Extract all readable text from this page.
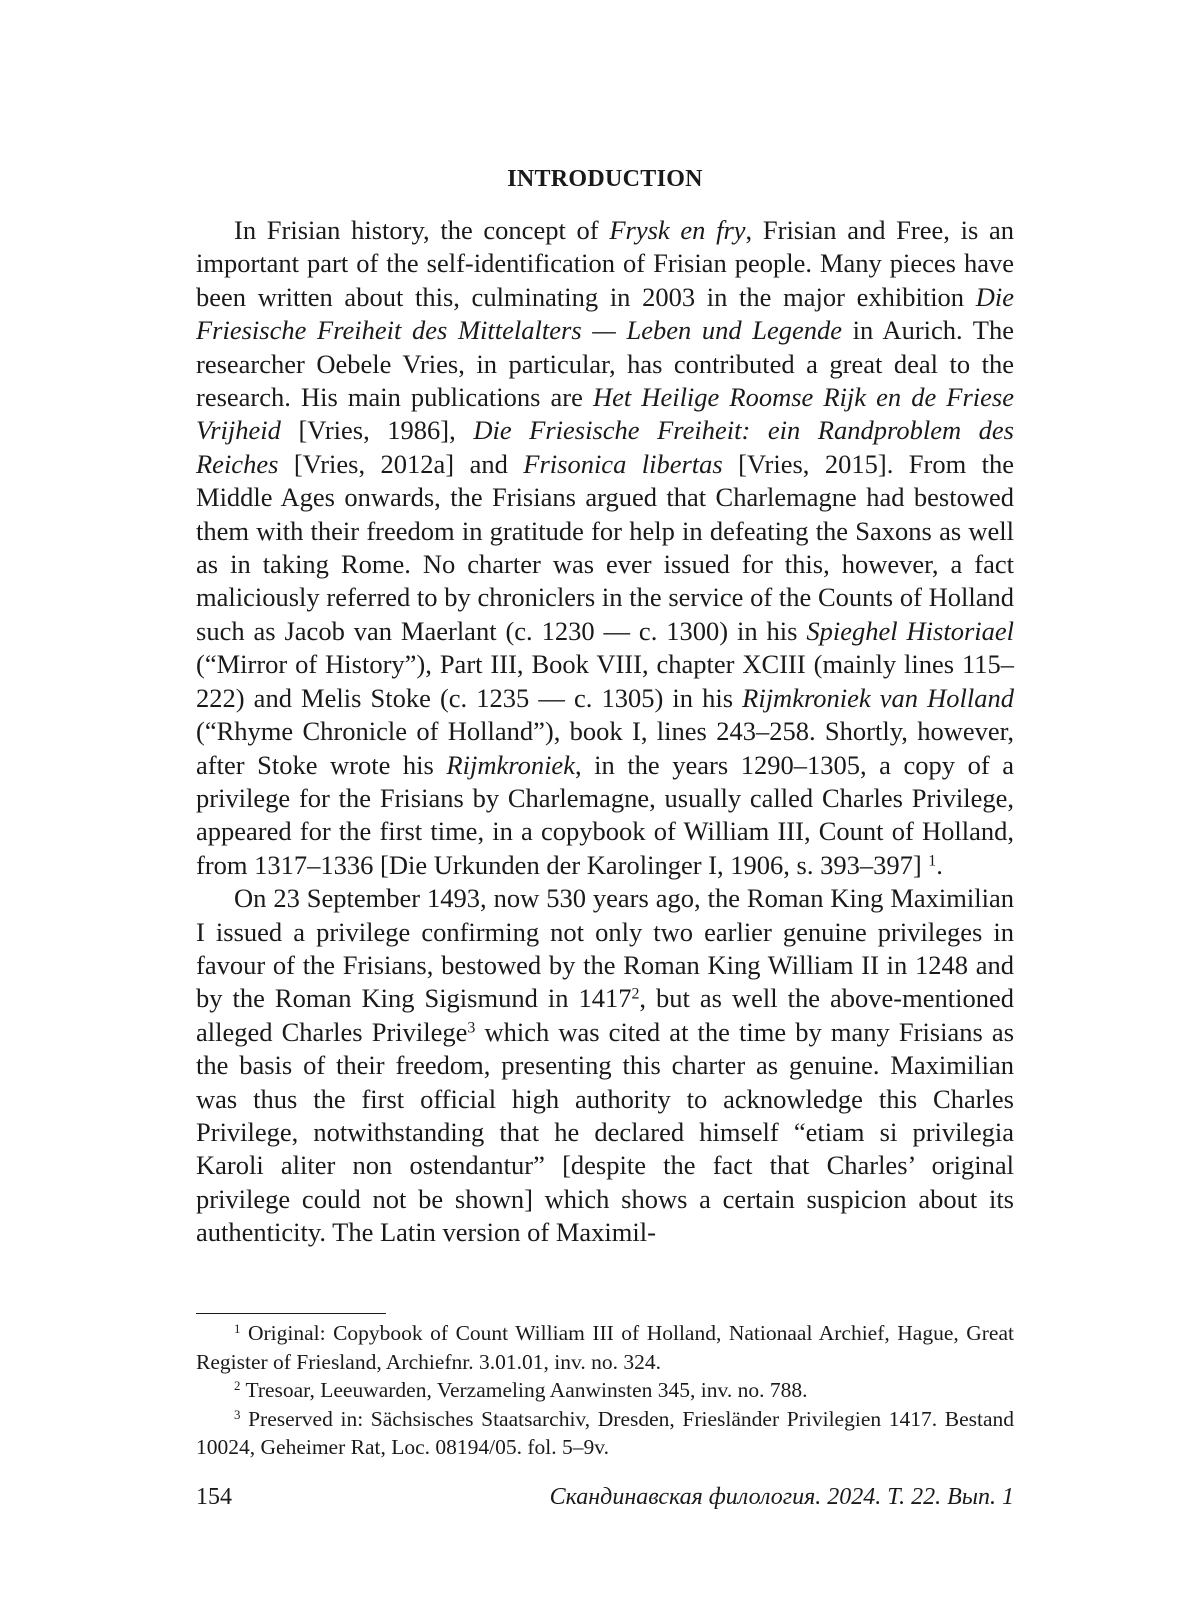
INTRODUCTION

In Frisian history, the concept of Frysk en fry, Frisian and Free, is an important part of the self-identification of Frisian people. Many pieces have been written about this, culminating in 2003 in the major exhibition Die Friesische Freiheit des Mittelalters — Leben und Legende in Aurich. The researcher Oebele Vries, in particular, has contributed a great deal to the research. His main publications are Het Heilige Roomse Rijk en de Friese Vrijheid [Vries, 1986], Die Friesische Freiheit: ein Randproblem des Reiches [Vries, 2012a] and Frisonica libertas [Vries, 2015]. From the Middle Ages onwards, the Frisians argued that Charlemagne had bestowed them with their freedom in gratitude for help in defeating the Saxons as well as in taking Rome. No charter was ever issued for this, however, a fact maliciously referred to by chroniclers in the service of the Counts of Holland such as Jacob van Maerlant (c. 1230 — c. 1300) in his Spieghel Historiael (“Mirror of History”), Part III, Book VIII, chapter XCIII (mainly lines 115–222) and Melis Stoke (c. 1235 — c. 1305) in his Rijmkroniek van Holland (“Rhyme Chronicle of Holland”), book I, lines 243–258. Shortly, however, after Stoke wrote his Rijmkroniek, in the years 1290–1305, a copy of a privilege for the Frisians by Charlemagne, usually called Charles Privilege, appeared for the first time, in a copybook of William III, Count of Holland, from 1317–1336 [Die Urkunden der Karolinger I, 1906, s. 393–397] $^1$.

On 23 September 1493, now 530 years ago, the Roman King Maximilian I issued a privilege confirming not only two earlier genuine privileges in favour of the Frisians, bestowed by the Roman King William II in 1248 and by the Roman King Sigismund in 1417$^2$, but as well the above-mentioned alleged Charles Privilege$^3$ which was cited at the time by many Frisians as the basis of their freedom, presenting this charter as genuine. Maximilian was thus the first official high authority to acknowledge this Charles Privilege, notwithstanding that he declared himself “etiam si privilegia Karoli aliter non ostendantur” [despite the fact that Charles’ original privilege could not be shown] which shows a certain suspicion about its authenticity. The Latin version of Maximil-

$^1$ Original: Copybook of Count William III of Holland, Nationaal Archief, Hague, Great Register of Friesland, Archiefnr. 3.01.01, inv. no. 324.

$^2$ Tresoar, Leeuwarden, Verzameling Aanwinsten 345, inv. no. 788.

$^3$ Preserved in: Sächsisches Staatsarchiv, Dresden, Friesländer Privilegien 1417. Bestand 10024, Geheimer Rat, Loc. 08194/05. fol. 5–9v.

154	Скандинавская филология. 2024. Т. 22. Вып. 1
